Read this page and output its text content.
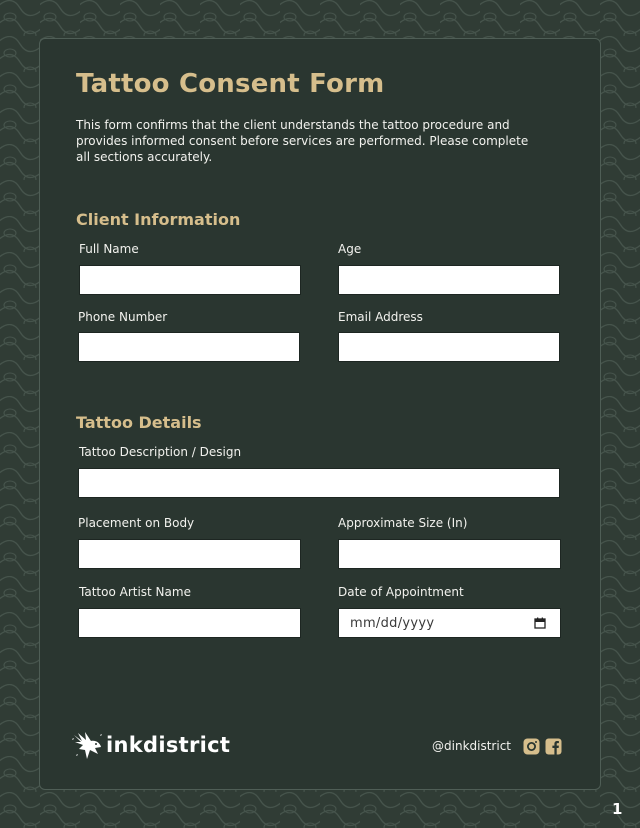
Tattoo Consent Form

This form confirms that the client understands the tattoo procedure and provides informed consent before services are performed. Please complete all sections accurately.

Client Information
Full Name	Age
Phone Number	Email Address
Tattoo Details
Tattoo Description / Design
Placement on Body	Approximate Size (In)
Tattoo Artist Name	Date of Appointment
mm/dd/yyyy
inkdistrict	@dinkdistrict
1
